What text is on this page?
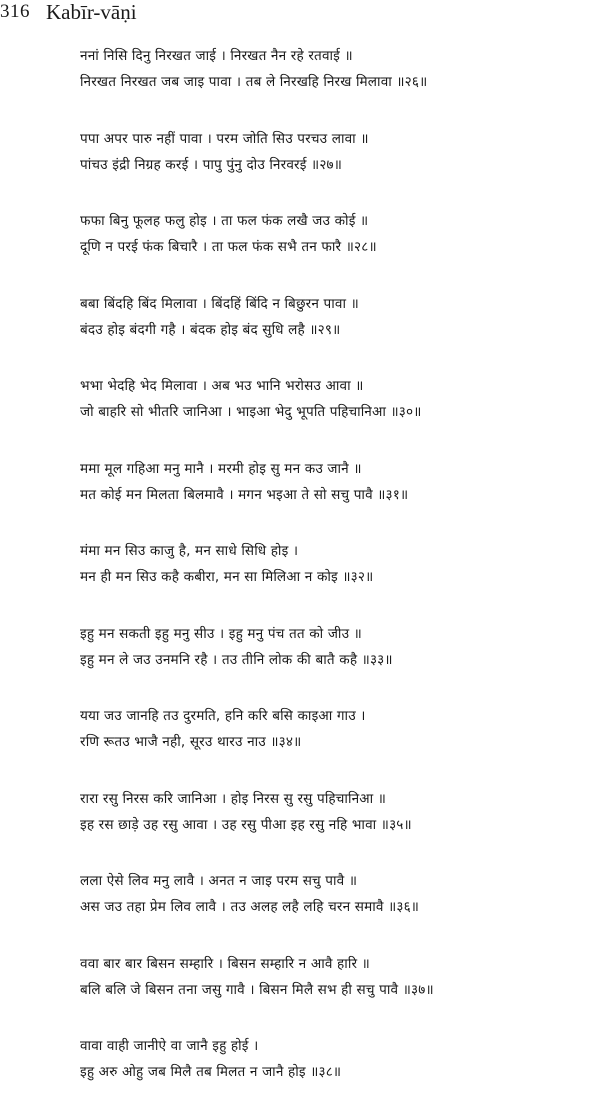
316 Kabīr-vāṇi
ननां निसि दिनु निरखत जाई । निरखत नैन रहे रतवाई ॥
निरखत निरखत जब जाइ पावा । तब ले निरखहि निरख मिलावा ॥२६॥
पपा अपर पारु नहीं पावा । परम जोति सिउ परचउ लावा ॥
पांचउ इंद्री निग्रह करई । पापु पुंनु दोउ निरवरई ॥२७॥
फफा बिनु फूलह फलु होइ । ता फल फंक लखै जउ कोई ॥
दूणि न परई फंक बिचारै । ता फल फंक सभै तन फारै ॥२८॥
बबा बिंदहि बिंद मिलावा । बिंदहिं बिंदि न बिछुरन पावा ॥
बंदउ होइ बंदगी गहै । बंदक होइ बंद सुधि लहै ॥२९॥
भभा भेदहि भेद मिलावा । अब भउ भानि भरोसउ आवा ॥
जो बाहरि सो भीतरि जानिआ । भाइआ भेदु भूपति पहिचानिआ ॥३०॥
ममा मूल गहिआ मनु मानै । मरमी होइ सु मन कउ जानै ॥
मत कोई मन मिलता बिलमावै । मगन भइआ ते सो सचु पावै ॥३१॥
मंमा मन सिउ काजु है, मन साधे सिधि होइ ।
मन ही मन सिउ कहै कबीरा, मन सा मिलिआ न कोइ ॥३२॥
इहु मन सकती इहु मनु सीउ । इहु मनु पंच तत को जीउ ॥
इहु मन ले जउ उनमनि रहै । तउ तीनि लोक की बातै कहै ॥३३॥
यया जउ जानहि तउ दुरमति, हनि करि बसि काइआ गाउ ।
रणि रूतउ भाजै नही, सूरउ थारउ नाउ ॥३४॥
रारा रसु निरस करि जानिआ । होइ निरस सु रसु पहिचानिआ ॥
इह रस छाड़े उह रसु आवा । उह रसु पीआ इह रसु नहि भावा ॥३५॥
लला ऐसे लिव मनु लावै । अनत न जाइ परम सचु पावै ॥
अस जउ तहा प्रेम लिव लावै । तउ अलह लहै लहि चरन समावै ॥३६॥
ववा बार बार बिसन सम्हारि । बिसन सम्हारि न आवै हारि ॥
बलि बलि जे बिसन तना जसु गावै । बिसन मिलै सभ ही सचु पावै ॥३७॥
वावा वाही जानीऐ वा जानै इहु होई ।
इहु अरु ओहु जब मिलै तब मिलत न जानै होइ ॥३८॥
